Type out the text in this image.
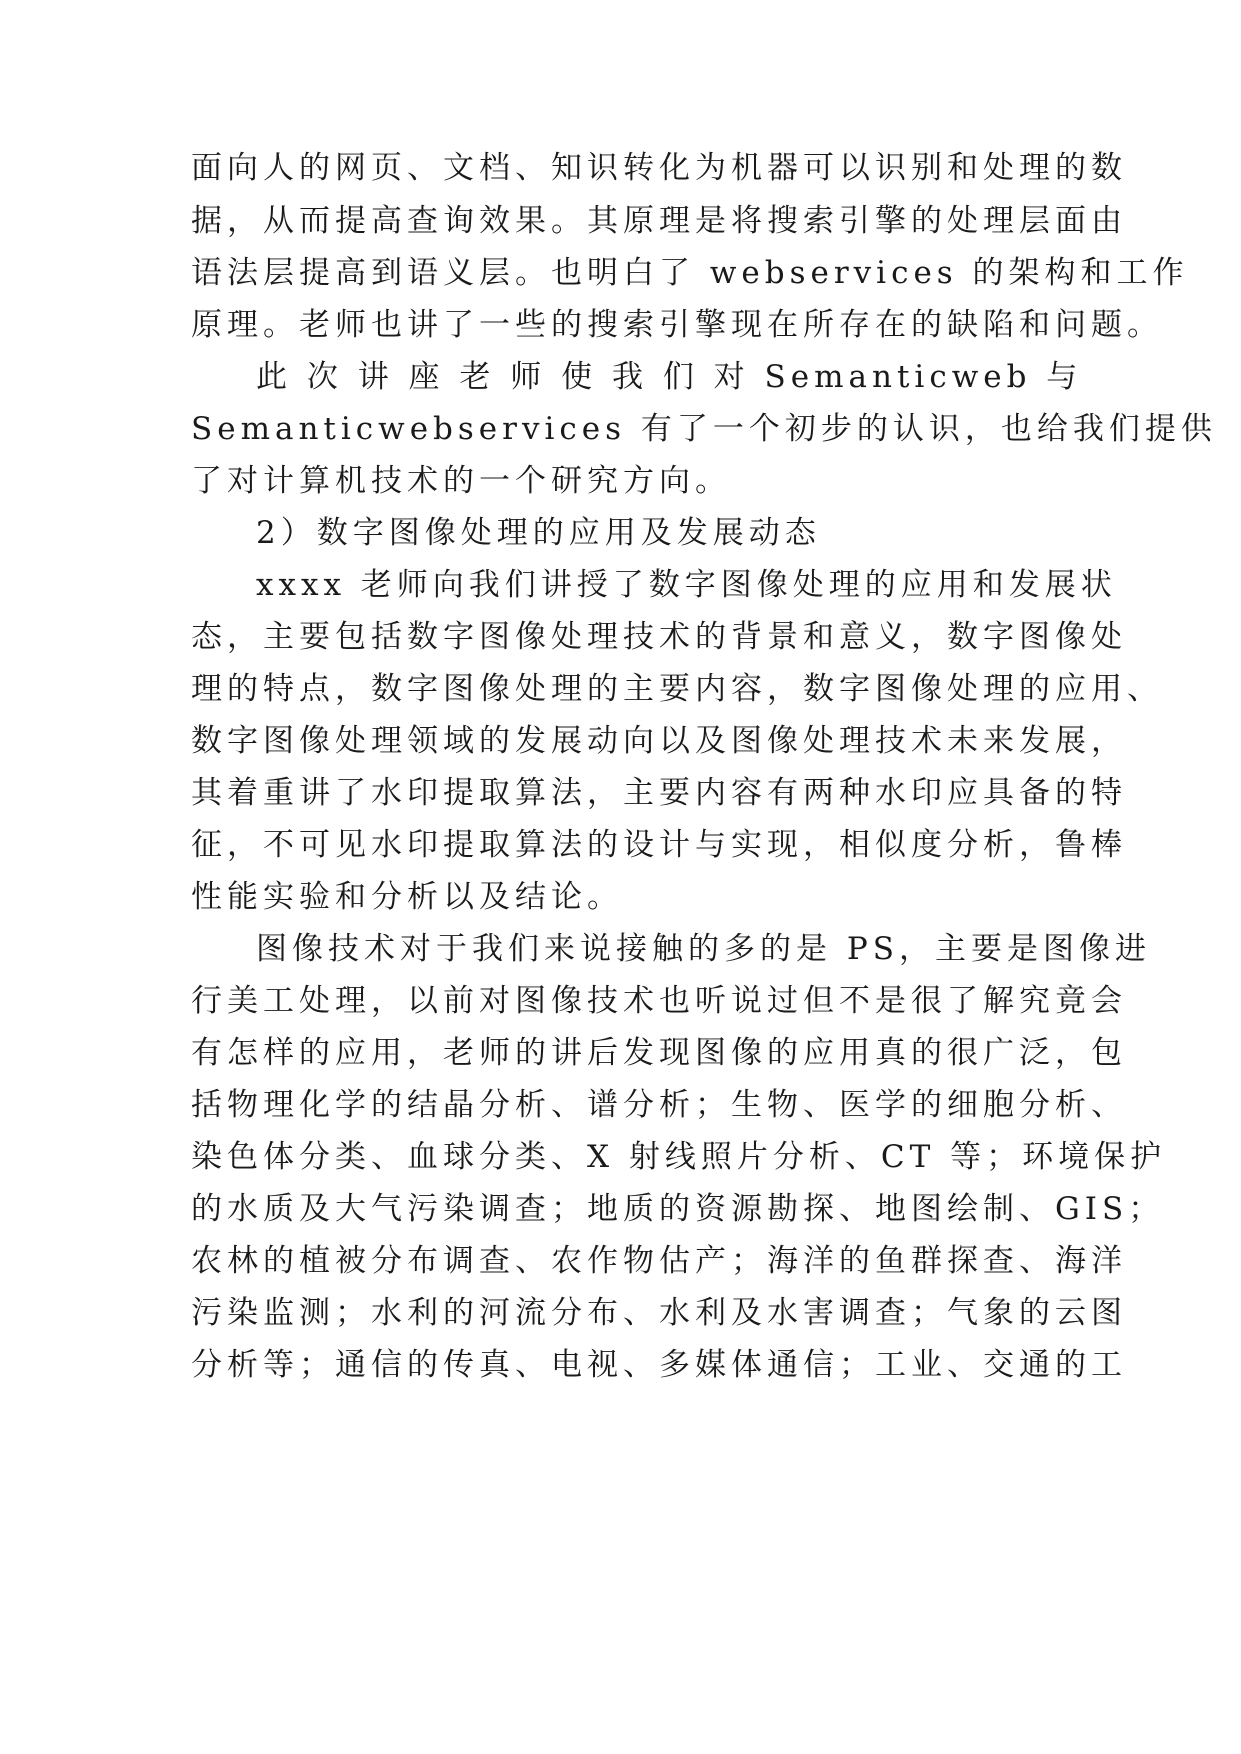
面向人的网页、文档、知识转化为机器可以识别和处理的数
据，从而提高查询效果。其原理是将搜索引擎的处理层面由
语法层提高到语义层。也明白了 webservices 的架构和工作
原理。老师也讲了一些的搜索引擎现在所存在的缺陷和问题。
此 次 讲 座 老 师 使 我 们 对 Semanticweb 与
Semanticwebservices 有了一个初步的认识，也给我们提供
了对计算机技术的一个研究方向。
2）数字图像处理的应用及发展动态
xxxx 老师向我们讲授了数字图像处理的应用和发展状
态，主要包括数字图像处理技术的背景和意义，数字图像处
理的特点，数字图像处理的主要内容，数字图像处理的应用、
数字图像处理领域的发展动向以及图像处理技术未来发展，
其着重讲了水印提取算法，主要内容有两种水印应具备的特
征，不可见水印提取算法的设计与实现，相似度分析，鲁棒
性能实验和分析以及结论。
图像技术对于我们来说接触的多的是 PS，主要是图像进
行美工处理，以前对图像技术也听说过但不是很了解究竟会
有怎样的应用，老师的讲后发现图像的应用真的很广泛，包
括物理化学的结晶分析、谱分析；生物、医学的细胞分析、
染色体分类、血球分类、X 射线照片分析、CT 等；环境保护
的水质及大气污染调查；地质的资源勘探、地图绘制、GIS；
农林的植被分布调查、农作物估产；海洋的鱼群探查、海洋
污染监测；水利的河流分布、水利及水害调查；气象的云图
分析等；通信的传真、电视、多媒体通信；工业、交通的工
